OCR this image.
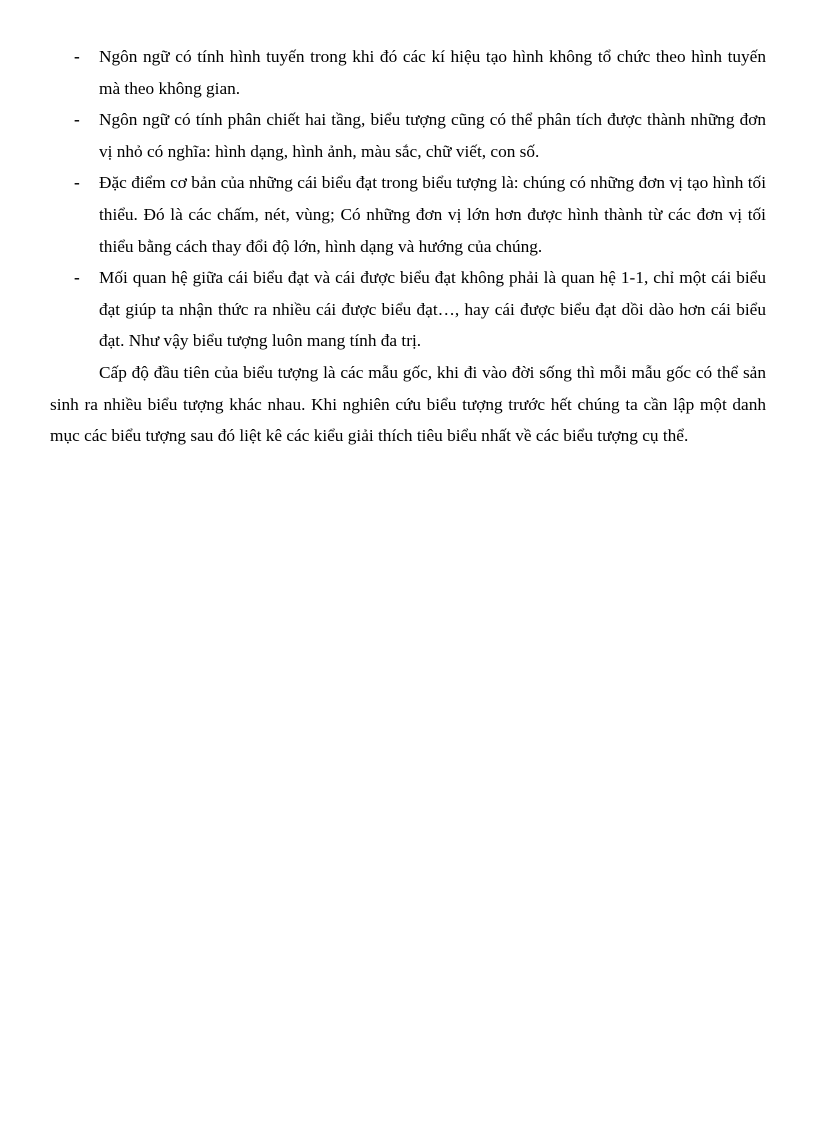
- Ngôn ngữ có tính hình tuyến trong khi đó các kí hiệu tạo hình không tổ chức theo hình tuyến mà theo không gian.
- Ngôn ngữ có tính phân chiết hai tầng, biểu tượng cũng có thể phân tích được thành những đơn vị nhỏ có nghĩa: hình dạng, hình ảnh, màu sắc, chữ viết, con số.
- Đặc điểm cơ bản của những cái biểu đạt trong biểu tượng là: chúng có những đơn vị tạo hình tối thiểu. Đó là các chấm, nét, vùng; Có những đơn vị lớn hơn được hình thành từ các đơn vị tối thiểu bằng cách thay đổi độ lớn, hình dạng và hướng của chúng.
- Mối quan hệ giữa cái biểu đạt và cái được biểu đạt không phải là quan hệ 1-1, chỉ một cái biểu đạt giúp ta nhận thức ra nhiều cái được biểu đạt…, hay cái được biểu đạt dồi dào hơn cái biểu đạt. Như vậy biểu tượng luôn mang tính đa trị.

Cấp độ đầu tiên của biểu tượng là các mẫu gốc, khi đi vào đời sống thì mỗi mẫu gốc có thể sản sinh ra nhiều biểu tượng khác nhau. Khi nghiên cứu biểu tượng trước hết chúng ta cần lập một danh mục các biểu tượng sau đó liệt kê các kiểu giải thích tiêu biểu nhất về các biểu tượng cụ thể.
